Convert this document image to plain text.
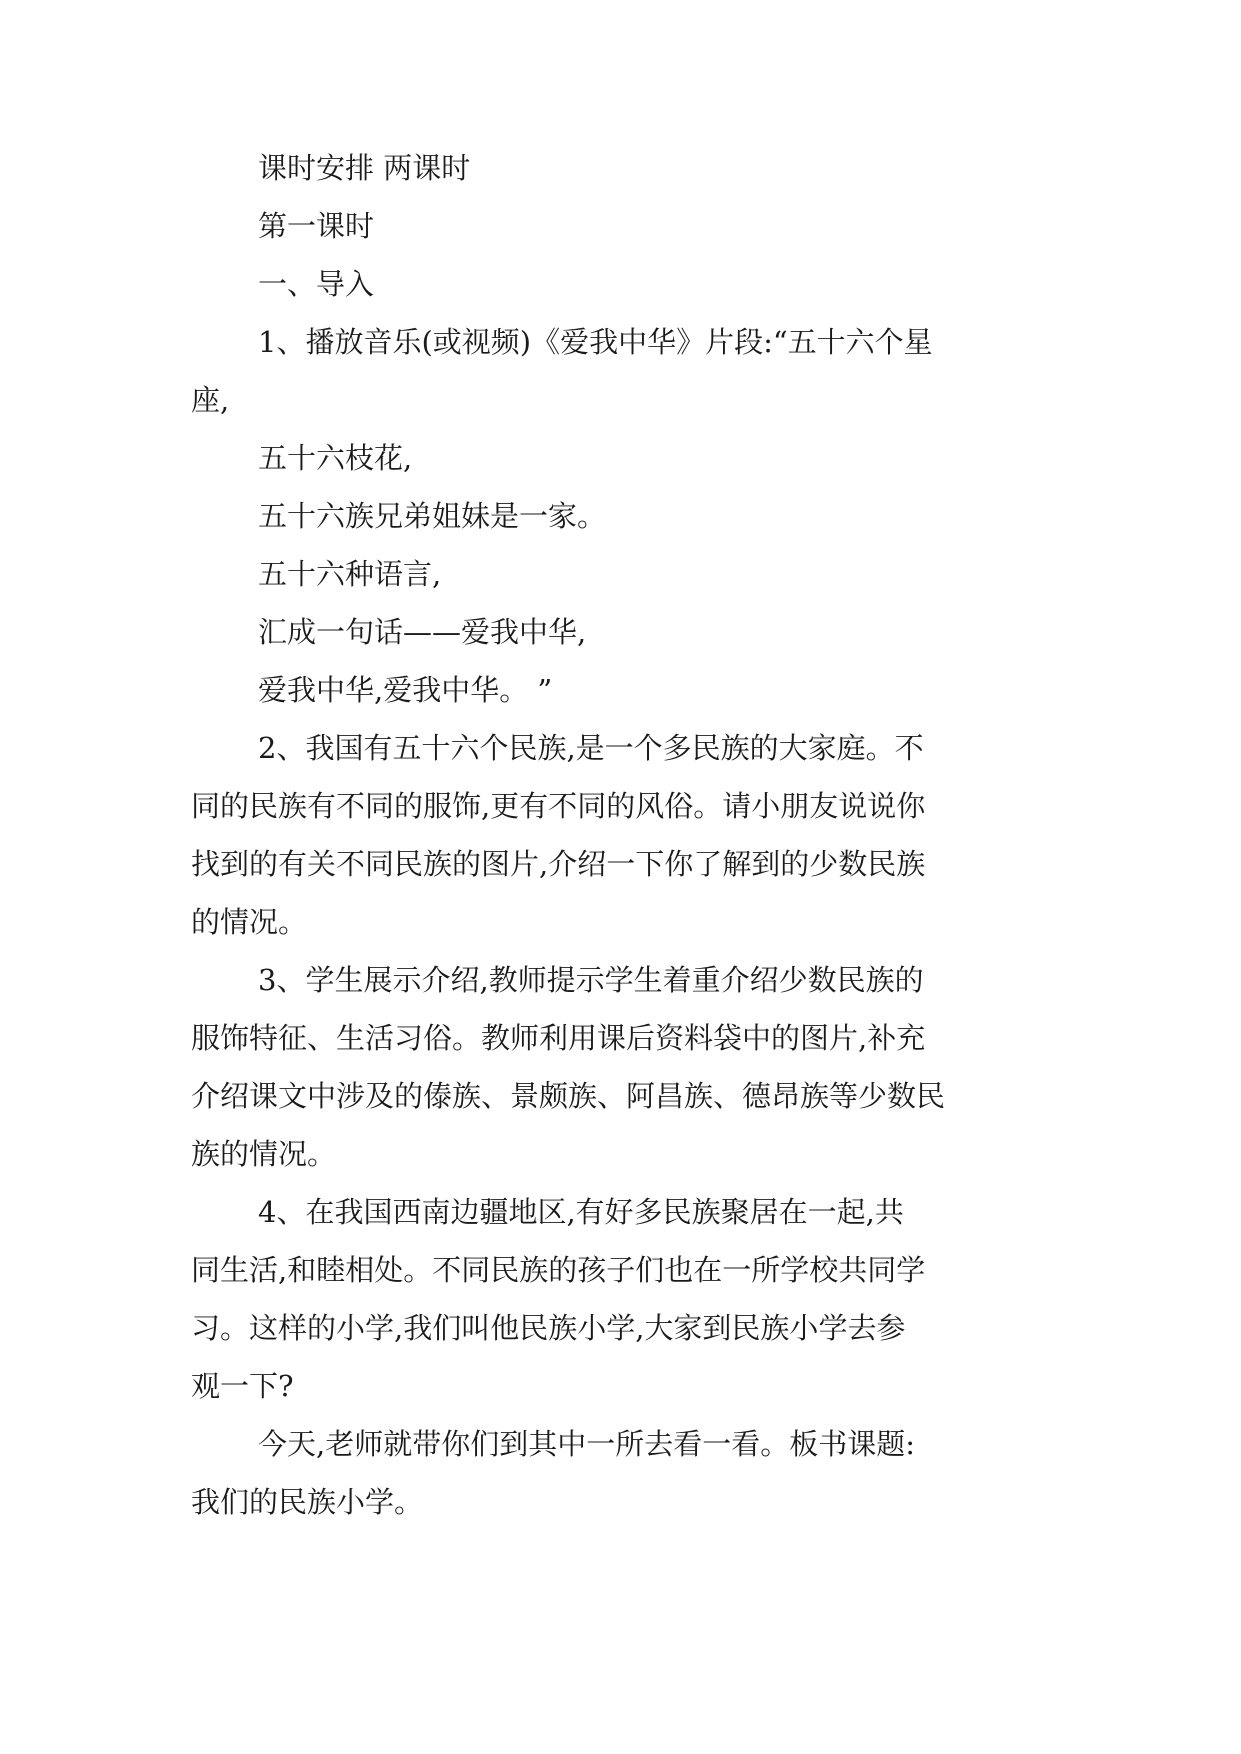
课时安排 两课时
第一课时
一、导入
1、播放音乐(或视频)《爱我中华》片段:“五十六个星
座,
五十六枝花,
五十六族兄弟姐妹是一家。
五十六种语言,
汇成一句话——爱我中华,
爱我中华,爱我中华。 ”
2、我国有五十六个民族,是一个多民族的大家庭。不
同的民族有不同的服饰,更有不同的风俗。请小朋友说说你
找到的有关不同民族的图片,介绍一下你了解到的少数民族
的情况。
3、学生展示介绍,教师提示学生着重介绍少数民族的
服饰特征、生活习俗。教师利用课后资料袋中的图片,补充
介绍课文中涉及的傣族、景颇族、阿昌族、德昂族等少数民
族的情况。
4、在我国西南边疆地区,有好多民族聚居在一起,共
同生活,和睦相处。不同民族的孩子们也在一所学校共同学
习。这样的小学,我们叫他民族小学,大家到民族小学去参
观一下?
今天,老师就带你们到其中一所去看一看。板书课题:
我们的民族小学。
